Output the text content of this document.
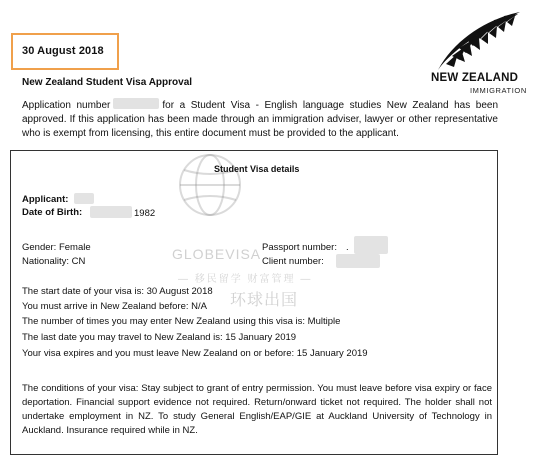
30 August 2018
NEW ZEALAND
IMMIGRATION
New Zealand Student Visa Approval
Application number	for a Student Visa - English language studies New Zealand has been approved. If this application has been made through an immigration adviser, lawyer or other representative who is exempt from licensing, this entire document must be provided to the applicant.
Student Visa details
Applicant:
Date of Birth:	1982
Gender: Female
Nationality: CN
Passport number: .
Client number:
GLOBEVISA
— 移民留学 财富管理 —
环球出国
The start date of your visa is: 30 August 2018
You must arrive in New Zealand before: N/A
The number of times you may enter New Zealand using this visa is: Multiple
The last date you may travel to New Zealand is: 15 January 2019
Your visa expires and you must leave New Zealand on or before: 15 January 2019
The conditions of your visa: Stay subject to grant of entry permission. You must leave before visa expiry or face deportation. Financial support evidence not required. Return/onward ticket not required. The holder shall not undertake employment in NZ. To study General English/EAP/GIE at Auckland University of Technology in Auckland. Insurance required while in NZ.
